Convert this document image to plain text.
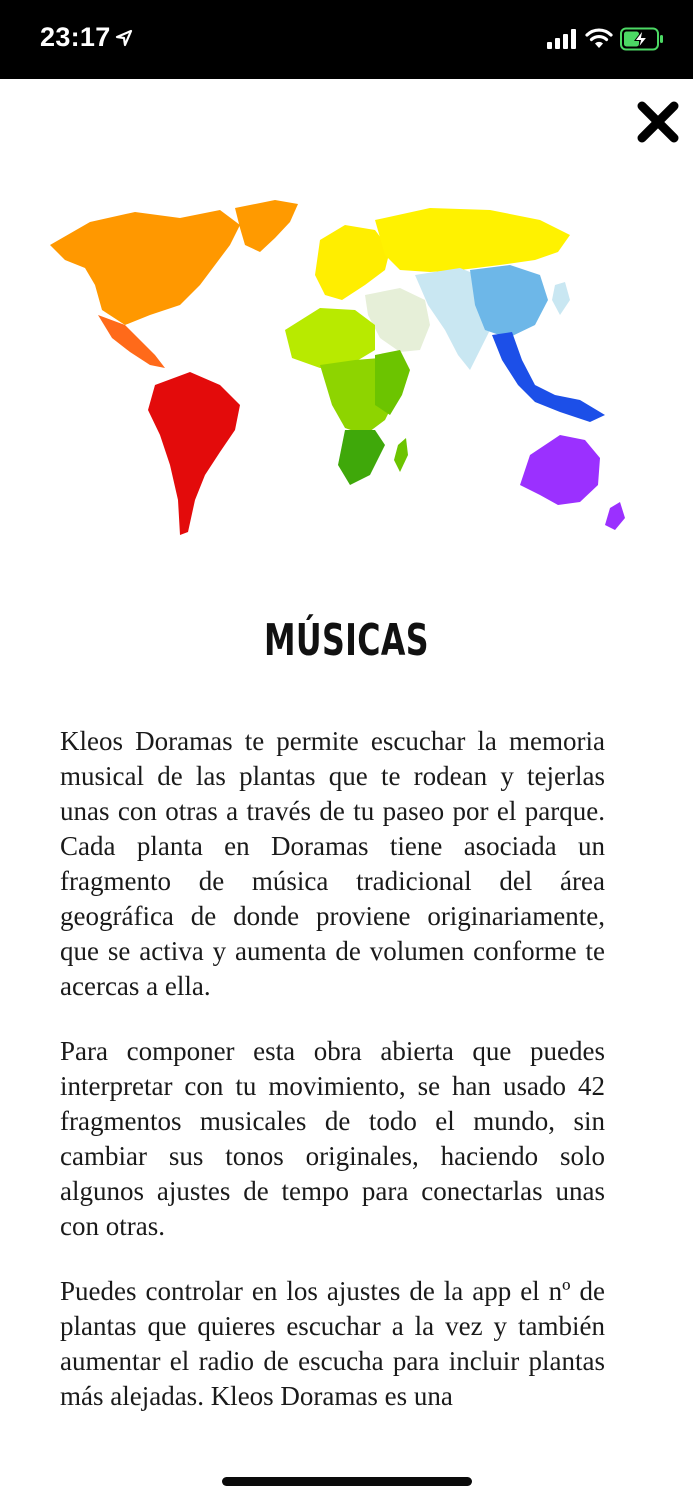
23:17
MÚSICAS

Kleos Doramas te permite escuchar la memoria musical de las plantas que te rodean y tejerlas unas con otras a través de tu paseo por el parque. Cada planta en Doramas tiene asociada un fragmento de música tradicional del área geográfica de donde proviene originariamente, que se activa y aumenta de volumen conforme te acercas a ella.

Para componer esta obra abierta que puedes interpretar con tu movimiento, se han usado 42 fragmentos musicales de todo el mundo, sin cambiar sus tonos originales, haciendo solo algunos ajustes de tempo para conectarlas unas con otras.

Puedes controlar en los ajustes de la app el nº de plantas que quieres escuchar a la vez y también aumentar el radio de escucha para incluir plantas más alejadas. Kleos Doramas es una
